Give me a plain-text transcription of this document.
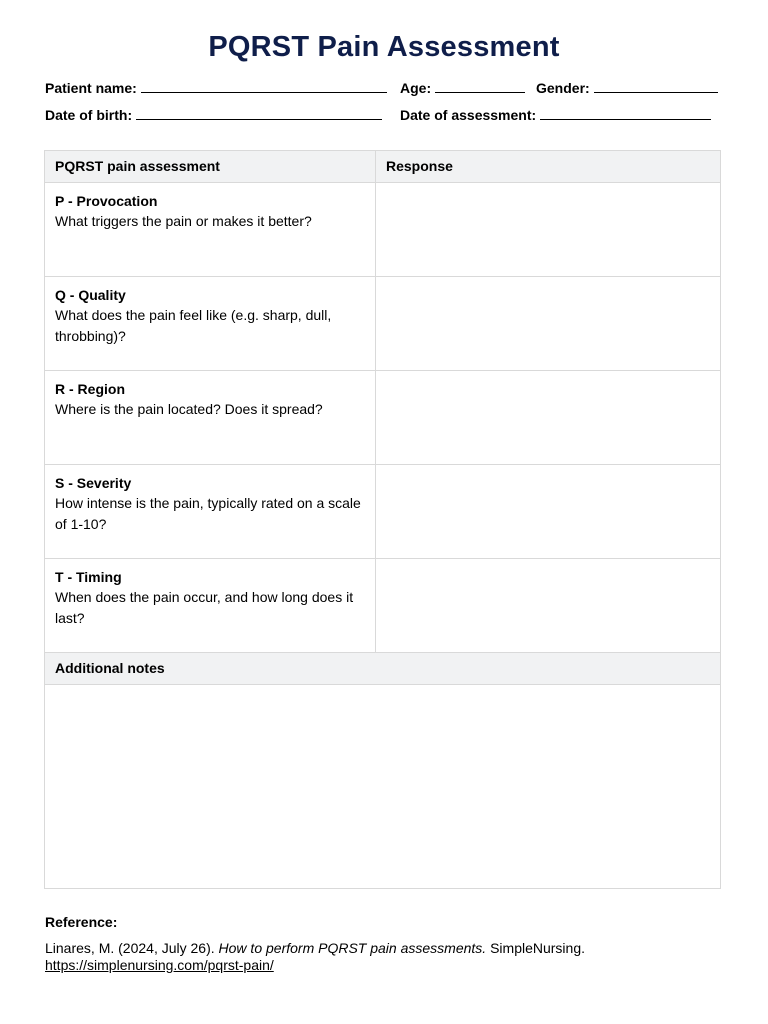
PQRST Pain Assessment
Patient name:	Age:	Gender:
Date of birth:	Date of assessment:
PQRST pain assessment	Response

P - Provocation
What triggers the pain or makes it better?	

Q - Quality
What does the pain feel like (e.g. sharp, dull, throbbing)?	

R - Region
Where is the pain located? Does it spread?	

S - Severity
How intense is the pain, typically rated on a scale of 1-10?	

T - Timing
When does the pain occur, and how long does it last?	

Additional notes	

Reference:
Linares, M. (2024, July 26). How to perform PQRST pain assessments. SimpleNursing.
https://simplenursing.com/pqrst-pain/
